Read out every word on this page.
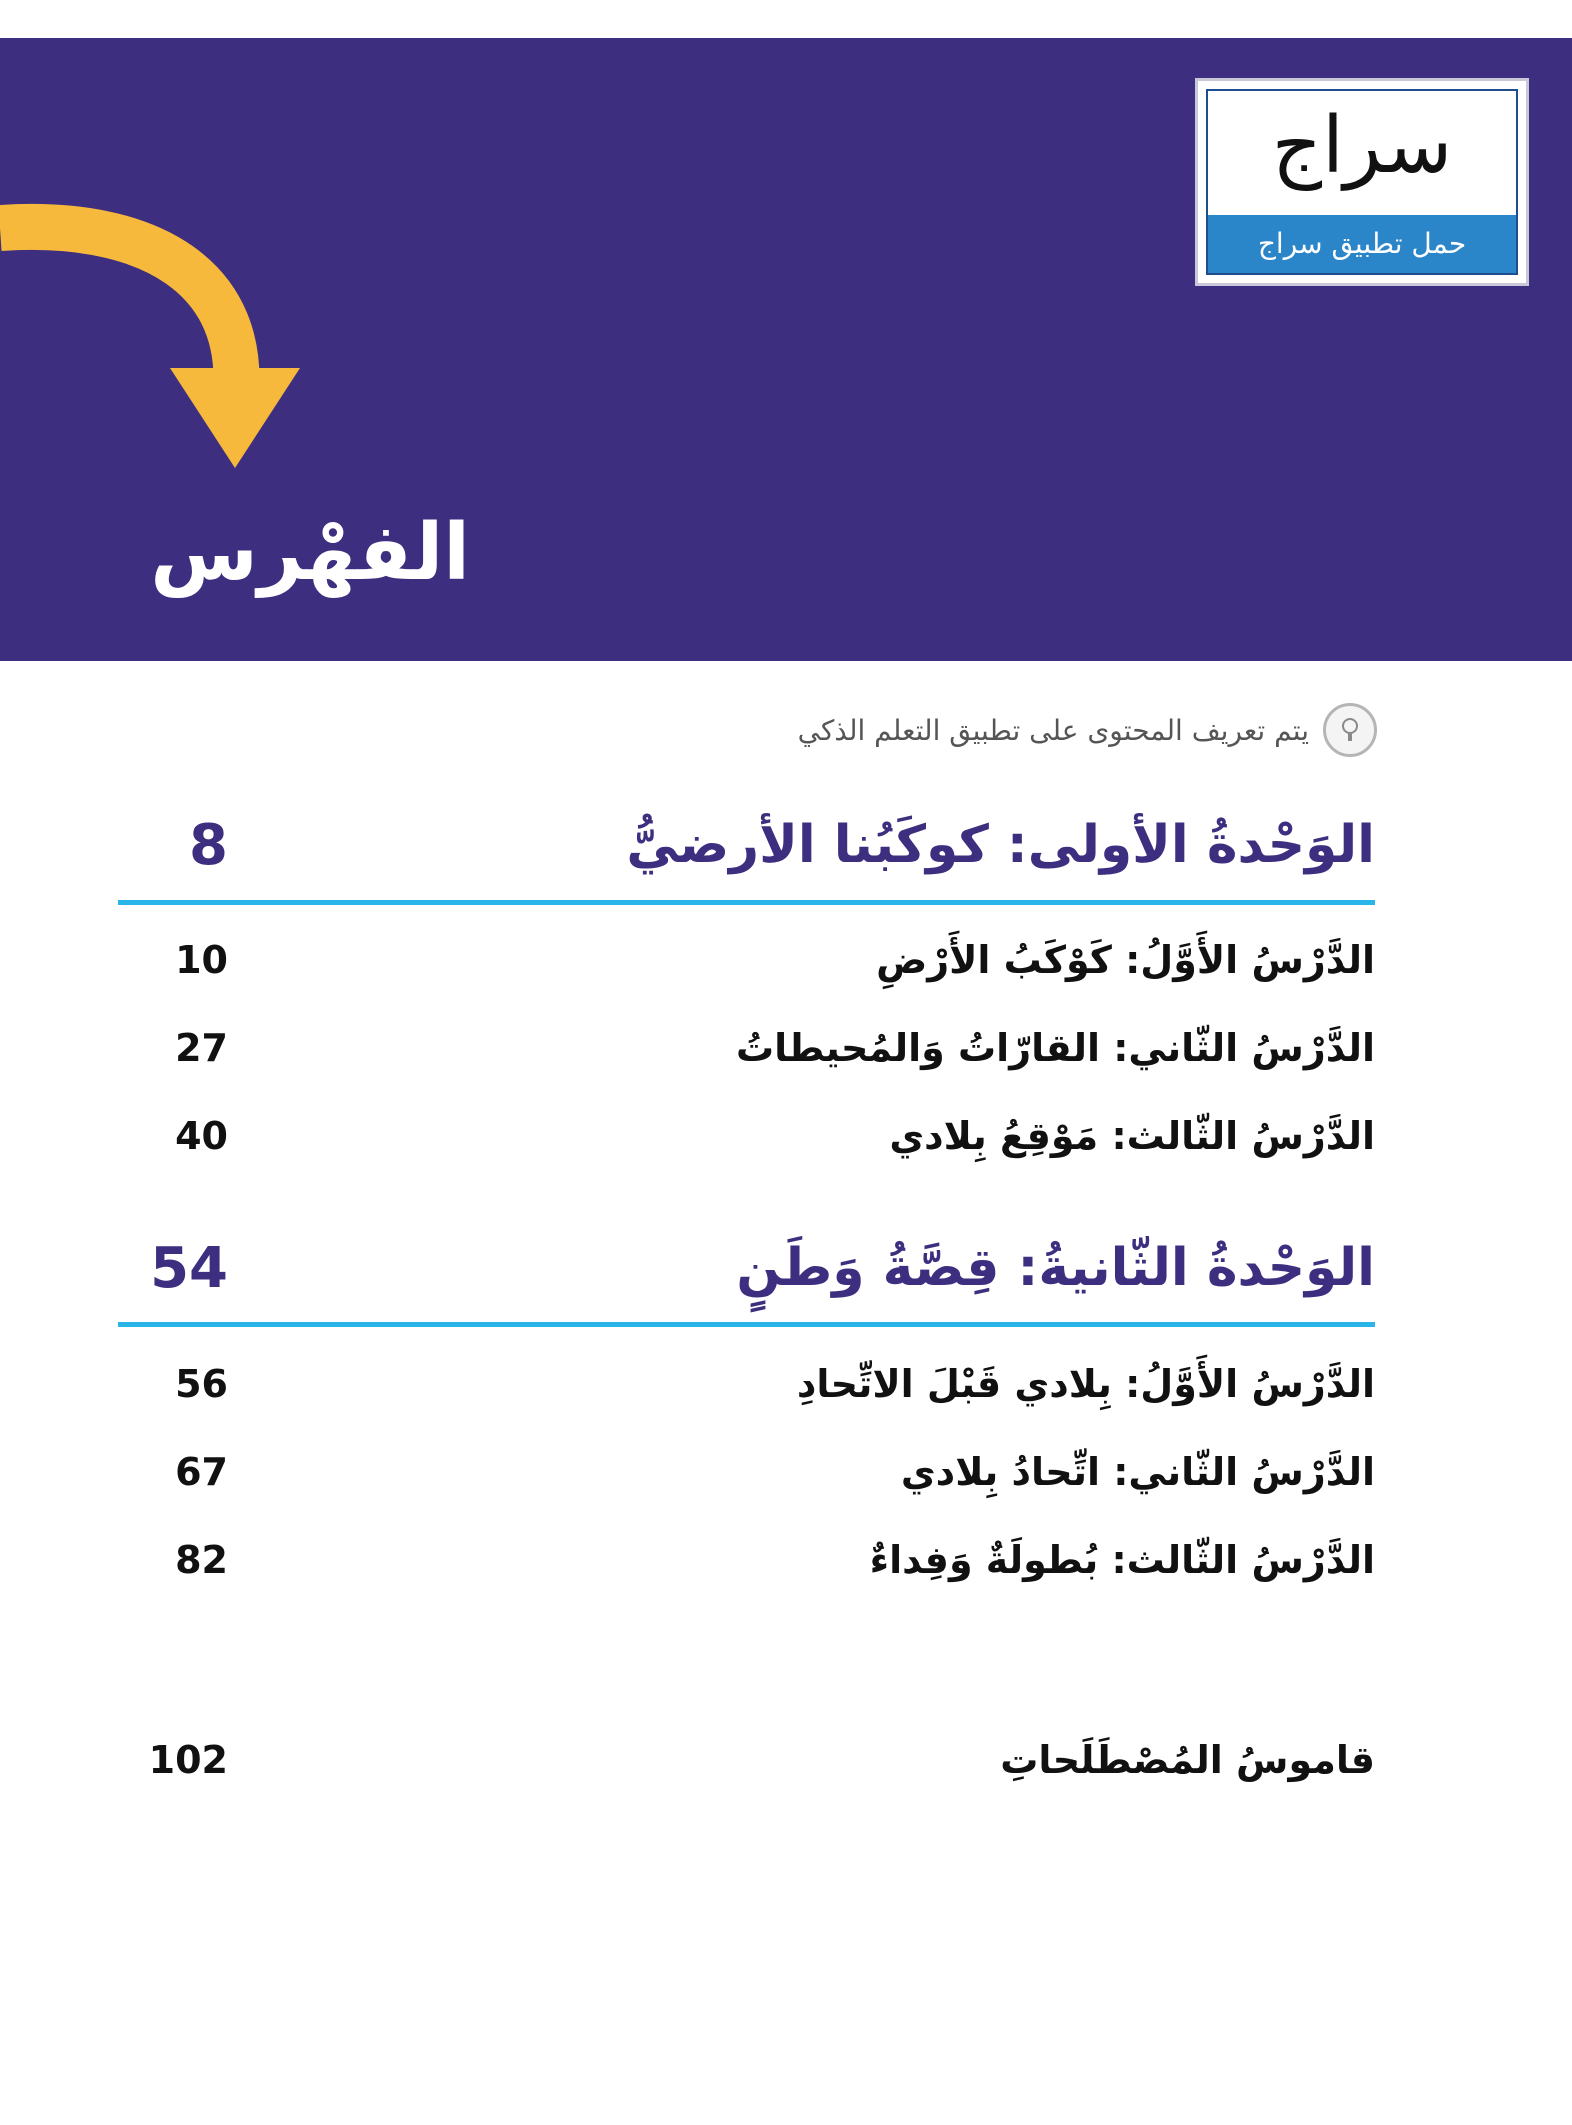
الفهْرس
سراج
حمل تطبيق سراج
يتم تعريف المحتوى على تطبيق التعلم الذكي
8	الوَحْدةُ الأولى: كوكَبُنا الأرضيُّ
10	الدَّرْسُ الأَوَّلُ: كَوْكَبُ الأَرْضِ
27	الدَّرْسُ الثّاني: القارّاتُ وَالمُحيطاتُ
40	الدَّرْسُ الثّالث: مَوْقِعُ بِلادي
54	الوَحْدةُ الثّانيةُ: قِصَّةُ وَطَنٍ
56	الدَّرْسُ الأَوَّلُ: بِلادي قَبْلَ الاتِّحادِ
67	الدَّرْسُ الثّاني: اتِّحادُ بِلادي
82	الدَّرْسُ الثّالث: بُطولَةٌ وَفِداءٌ
102	قاموسُ المُصْطَلَحاتِ
